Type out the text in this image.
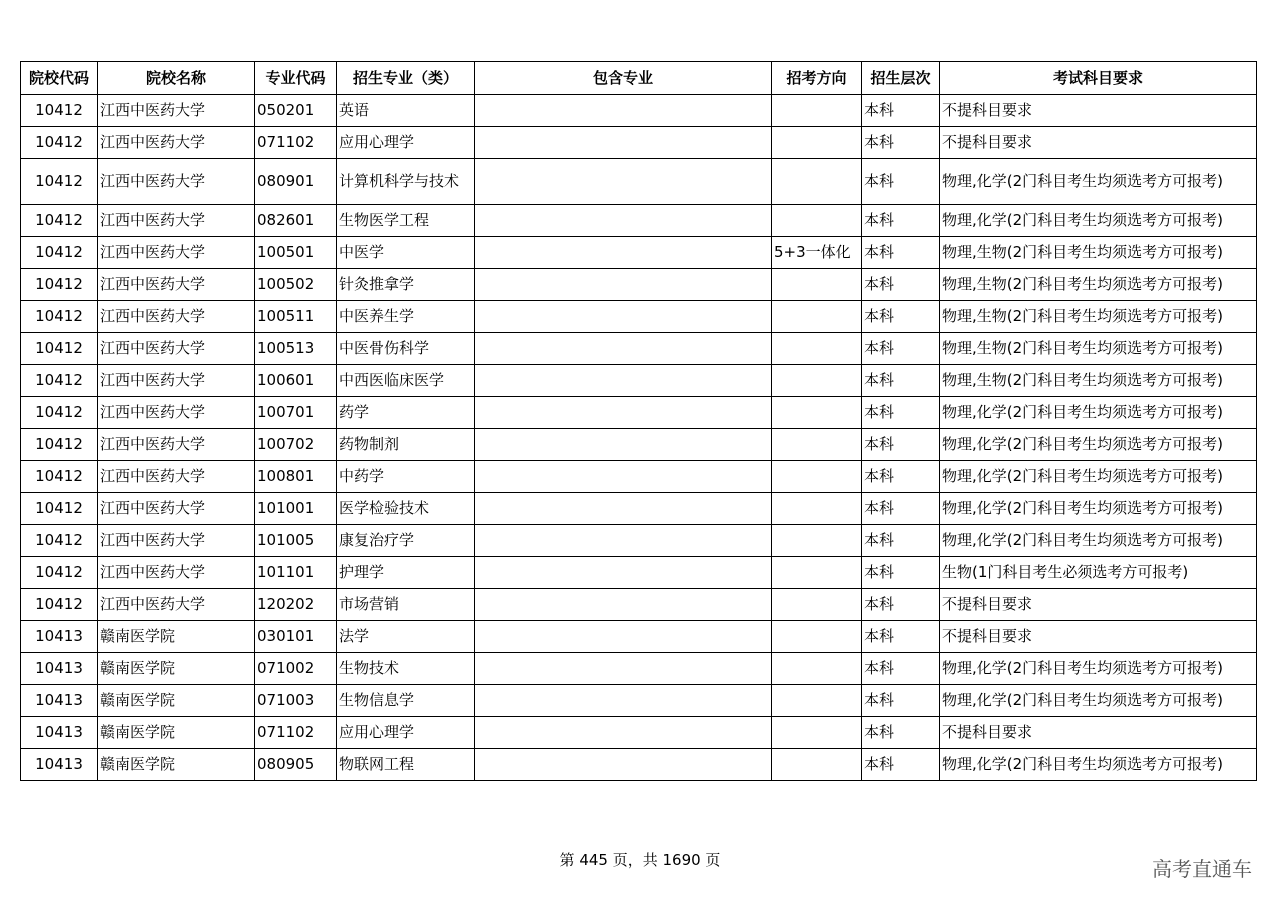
院校代码	院校名称	专业代码	招生专业（类）	包含专业	招考方向	招生层次	考试科目要求
10412	江西中医药大学	050201	英语			本科	不提科目要求
10412	江西中医药大学	071102	应用心理学			本科	不提科目要求
10412	江西中医药大学	080901	计算机科学与技术			本科	物理,化学(2门科目考生均须选考方可报考)
10412	江西中医药大学	082601	生物医学工程			本科	物理,化学(2门科目考生均须选考方可报考)
10412	江西中医药大学	100501	中医学		5+3一体化	本科	物理,生物(2门科目考生均须选考方可报考)
10412	江西中医药大学	100502	针灸推拿学			本科	物理,生物(2门科目考生均须选考方可报考)
10412	江西中医药大学	100511	中医养生学			本科	物理,生物(2门科目考生均须选考方可报考)
10412	江西中医药大学	100513	中医骨伤科学			本科	物理,生物(2门科目考生均须选考方可报考)
10412	江西中医药大学	100601	中西医临床医学			本科	物理,生物(2门科目考生均须选考方可报考)
10412	江西中医药大学	100701	药学			本科	物理,化学(2门科目考生均须选考方可报考)
10412	江西中医药大学	100702	药物制剂			本科	物理,化学(2门科目考生均须选考方可报考)
10412	江西中医药大学	100801	中药学			本科	物理,化学(2门科目考生均须选考方可报考)
10412	江西中医药大学	101001	医学检验技术			本科	物理,化学(2门科目考生均须选考方可报考)
10412	江西中医药大学	101005	康复治疗学			本科	物理,化学(2门科目考生均须选考方可报考)
10412	江西中医药大学	101101	护理学			本科	生物(1门科目考生必须选考方可报考)
10412	江西中医药大学	120202	市场营销			本科	不提科目要求
10413	赣南医学院	030101	法学			本科	不提科目要求
10413	赣南医学院	071002	生物技术			本科	物理,化学(2门科目考生均须选考方可报考)
10413	赣南医学院	071003	生物信息学			本科	物理,化学(2门科目考生均须选考方可报考)
10413	赣南医学院	071102	应用心理学			本科	不提科目要求
10413	赣南医学院	080905	物联网工程			本科	物理,化学(2门科目考生均须选考方可报考)
第 445 页，共 1690 页	高考直通车
